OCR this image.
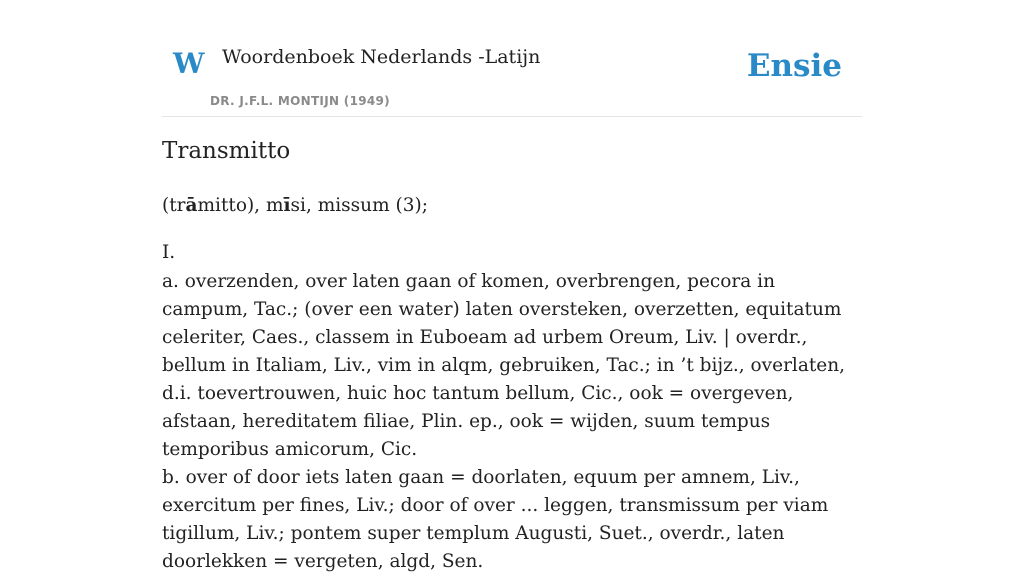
W Woordenboek Nederlands -Latijn
DR. J.F.L. MONTIJN (1949)
Ensie
Transmitto
(trāmitto), mīsi, missum (3);
I.

a. overzenden, over laten gaan of komen, overbrengen, pecora in campum, Tac.; (over een water) laten oversteken, overzetten, equitatum celeriter, Caes., classem in Euboeam ad urbem Oreum, Liv. | overdr., bellum in Italiam, Liv., vim in alqm, gebruiken, Tac.; in ’t bijz., overlaten, d.i. toevertrouwen, huic hoc tantum bellum, Cic., ook = overgeven, afstaan, hereditatem filiae, Plin. ep., ook = wijden, suum tempus temporibus amicorum, Cic.

b. over of door iets laten gaan = doorlaten, equum per amnem, Liv., exercitum per fines, Liv.; door of over ... leggen, transmissum per viam tigillum, Liv.; pontem super templum Augusti, Suet., overdr., laten doorlekken = vergeten, algd, Sen.
